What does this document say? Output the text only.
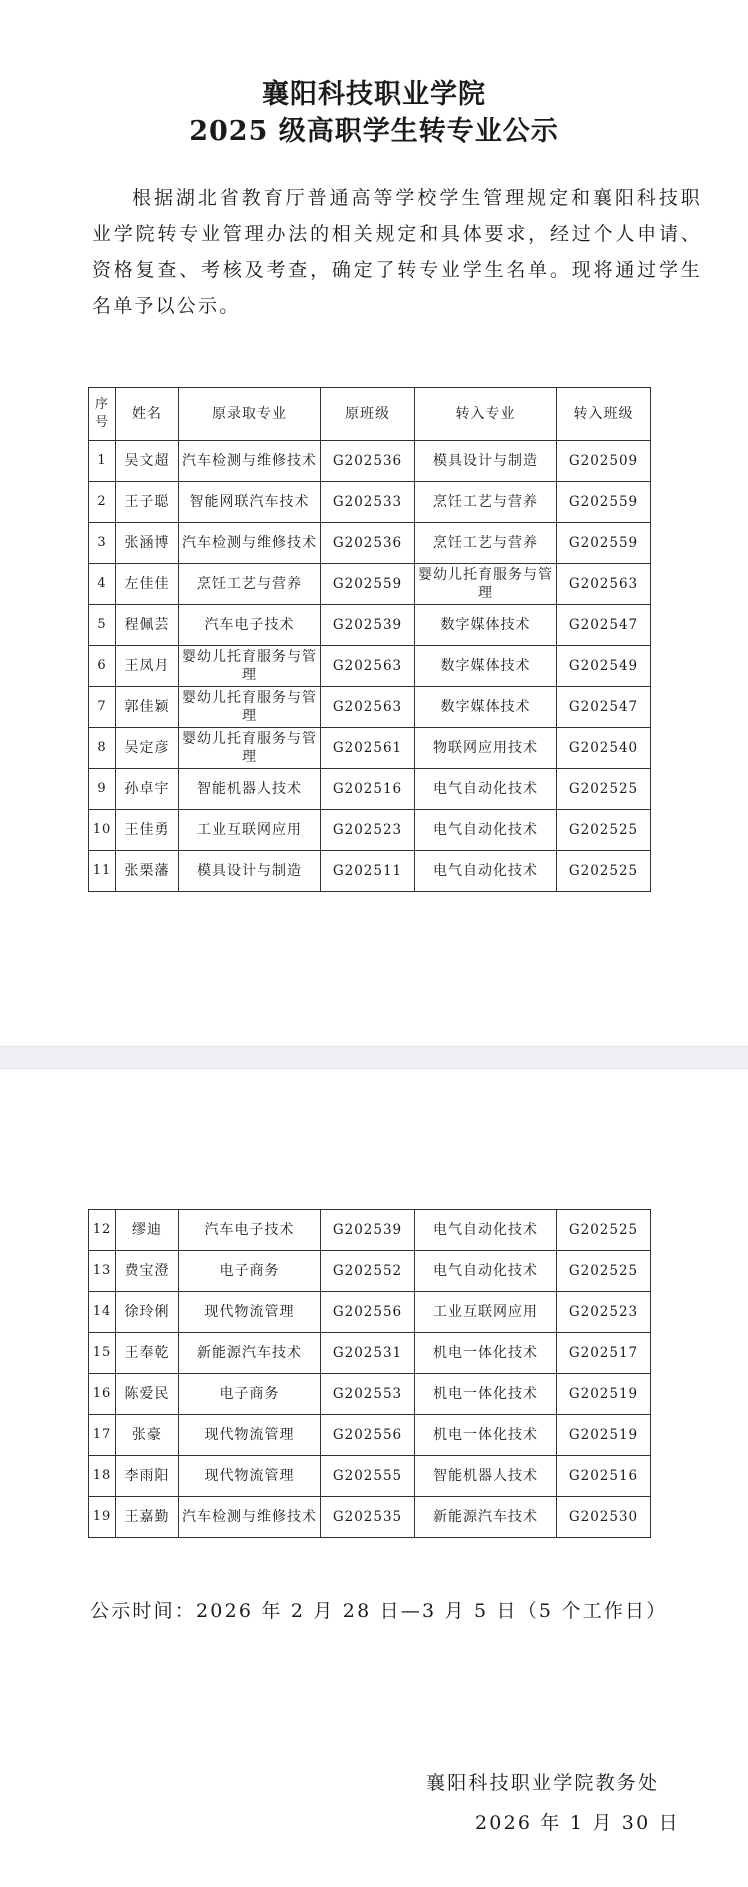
襄阳科技职业学院
2025 级高职学生转专业公示
根据湖北省教育厅普通高等学校学生管理规定和襄阳科技职业学院转专业管理办法的相关规定和具体要求，经过个人申请、资格复查、考核及考查，确定了转专业学生名单。现将通过学生名单予以公示。
序号	姓名	原录取专业	原班级	转入专业	转入班级
1	吴文超	汽车检测与维修技术	G202536	模具设计与制造	G202509
2	王子聪	智能网联汽车技术	G202533	烹饪工艺与营养	G202559
3	张涵博	汽车检测与维修技术	G202536	烹饪工艺与营养	G202559
4	左佳佳	烹饪工艺与营养	G202559	婴幼儿托育服务与管理	G202563
5	程佩芸	汽车电子技术	G202539	数字媒体技术	G202547
6	王凤月	婴幼儿托育服务与管理	G202563	数字媒体技术	G202549
7	郭佳颖	婴幼儿托育服务与管理	G202563	数字媒体技术	G202547
8	吴定彦	婴幼儿托育服务与管理	G202561	物联网应用技术	G202540
9	孙卓宇	智能机器人技术	G202516	电气自动化技术	G202525
10	王佳勇	工业互联网应用	G202523	电气自动化技术	G202525
11	张栗藩	模具设计与制造	G202511	电气自动化技术	G202525
12	缪迪	汽车电子技术	G202539	电气自动化技术	G202525
13	费宝澄	电子商务	G202552	电气自动化技术	G202525
14	徐玲俐	现代物流管理	G202556	工业互联网应用	G202523
15	王奉乾	新能源汽车技术	G202531	机电一体化技术	G202517
16	陈爱民	电子商务	G202553	机电一体化技术	G202519
17	张豪	现代物流管理	G202556	机电一体化技术	G202519
18	李雨阳	现代物流管理	G202555	智能机器人技术	G202516
19	王嘉勤	汽车检测与维修技术	G202535	新能源汽车技术	G202530
公示时间：2026 年 2 月 28 日—3 月 5 日（5 个工作日）
襄阳科技职业学院教务处
2026 年 1 月 30 日
